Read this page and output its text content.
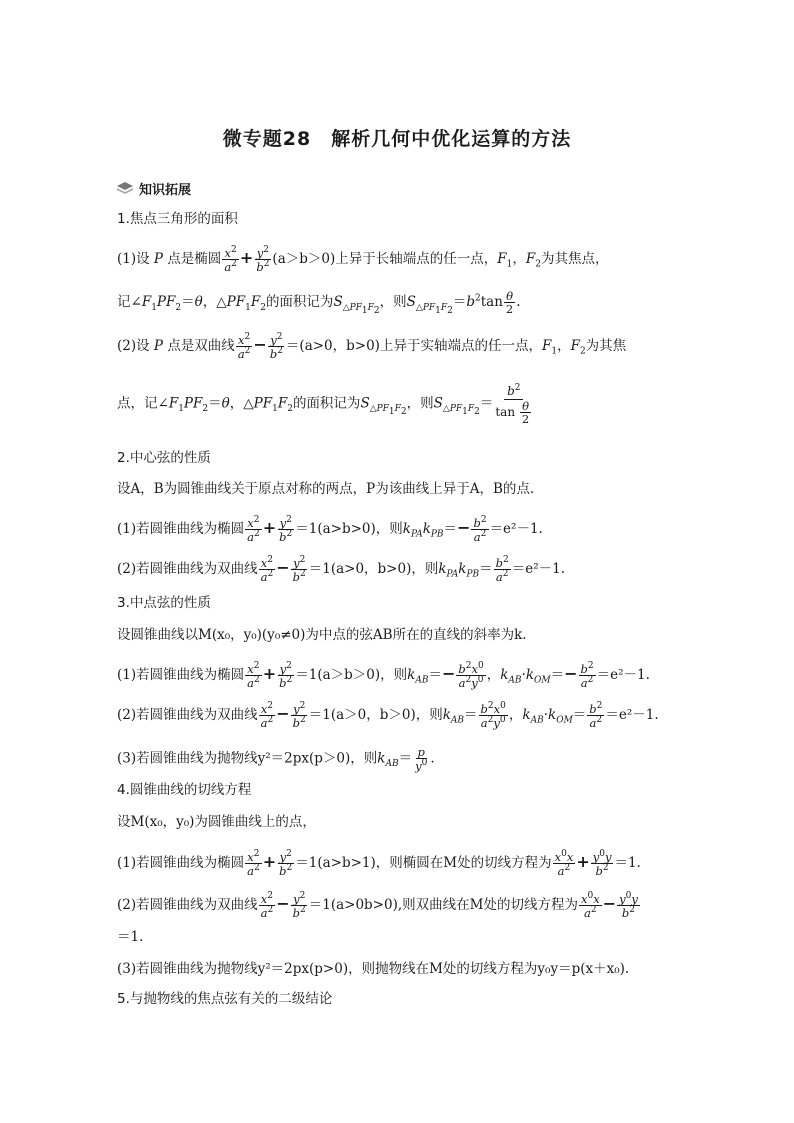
微专题28　解析几何中优化运算的方法
知识拓展
1.焦点三角形的面积
(1)设 P 点是椭圆 $\frac{x^2}{a^2} + \frac{y^2}{b^2} (a>b>0)$上异于长轴端点的任一点，$F_1$，$F_2$为其焦点，
记$\angle F_1PF_2=\theta$，$\triangle PF_1F_2$的面积记为$S_{\triangle PF_1F_2}$，则$S_{\triangle PF_1F_2}=b^2\tan \frac{\theta}{2}$ .
(2)设 P 点是双曲线 $\frac{x^2}{a^2} - \frac{y^2}{b^2} =(a>0$，b>0)上异于实轴端点的任一点，$F_1$，$F_2$为其焦
点，记$\angle F_1PF_2=\theta$，$\triangle PF_1F_2$的面积记为$S_{\triangle PF_1F_2}$，则$S_{\triangle PF_1F_2}= \frac{b^2}{\tan \frac{\theta}{2}}$
2.中心弦的性质
设A，B为圆锥曲线关于原点对称的两点，P为该曲线上异于A，B的点.
(1)若圆锥曲线为椭圆 $\frac{x^2}{a^2} + \frac{y^2}{b^2} =1(a>b>0)$，则$k_{PA}k_{PB}=- \frac{b^2}{a^2} =e^2-1$.
(2)若圆锥曲线为双曲线 $\frac{x^2}{a^2} - \frac{y^2}{b^2} =1(a>0$，b>0)，则$k_{PA}k_{PB}= \frac{b^2}{a^2} =e^2-1$.
3.中点弦的性质
设圆锥曲线以M(x₀，y₀)(y₀≠0)为中点的弦AB所在的直线的斜率为k.
(1)若圆锥曲线为椭圆 $\frac{x^2}{a^2} + \frac{y^2}{b^2} =1(a>b>0)$，则$k_{AB}=- \frac{b^2x^0}{a^2y^0}$ ，$k_{AB}\cdot k_{OM}=- \frac{b^2}{a^2} =e^2-1$.
(2)若圆锥曲线为双曲线 $\frac{x^2}{a^2} - \frac{y^2}{b^2} =1(a>0$，b＞0)，则$k_{AB}= \frac{b^2x^0}{a^2y^0}$ ，$k_{AB}\cdot k_{OM}= \frac{b^2}{a^2} =e^2-1$.
(3)若圆锥曲线为抛物线y²＝2px(p＞0)，则$k_{AB}= \frac{p}{y^0}$ .
4.圆锥曲线的切线方程
设M(x₀，y₀)为圆锥曲线上的点，
(1)若圆锥曲线为椭圆 $\frac{x^2}{a^2} + \frac{y^2}{b^2} =1(a>b>1)$，则椭圆在M处的切线方程为 $\frac{x^0x}{a^2} + \frac{y^0y}{b^2} =1$.
(2)若圆锥曲线为双曲线 $\frac{x^2}{a^2} - \frac{y^2}{b^2} =1(a>0b>0)$,则双曲线在M处的切线方程为 $\frac{x^0x}{a^2} - \frac{y^0y}{b^2}$
＝1.
(3)若圆锥曲线为抛物线y²＝2px(p>0)，则抛物线在M处的切线方程为y₀y＝p(x＋x₀).
5.与抛物线的焦点弦有关的二级结论
